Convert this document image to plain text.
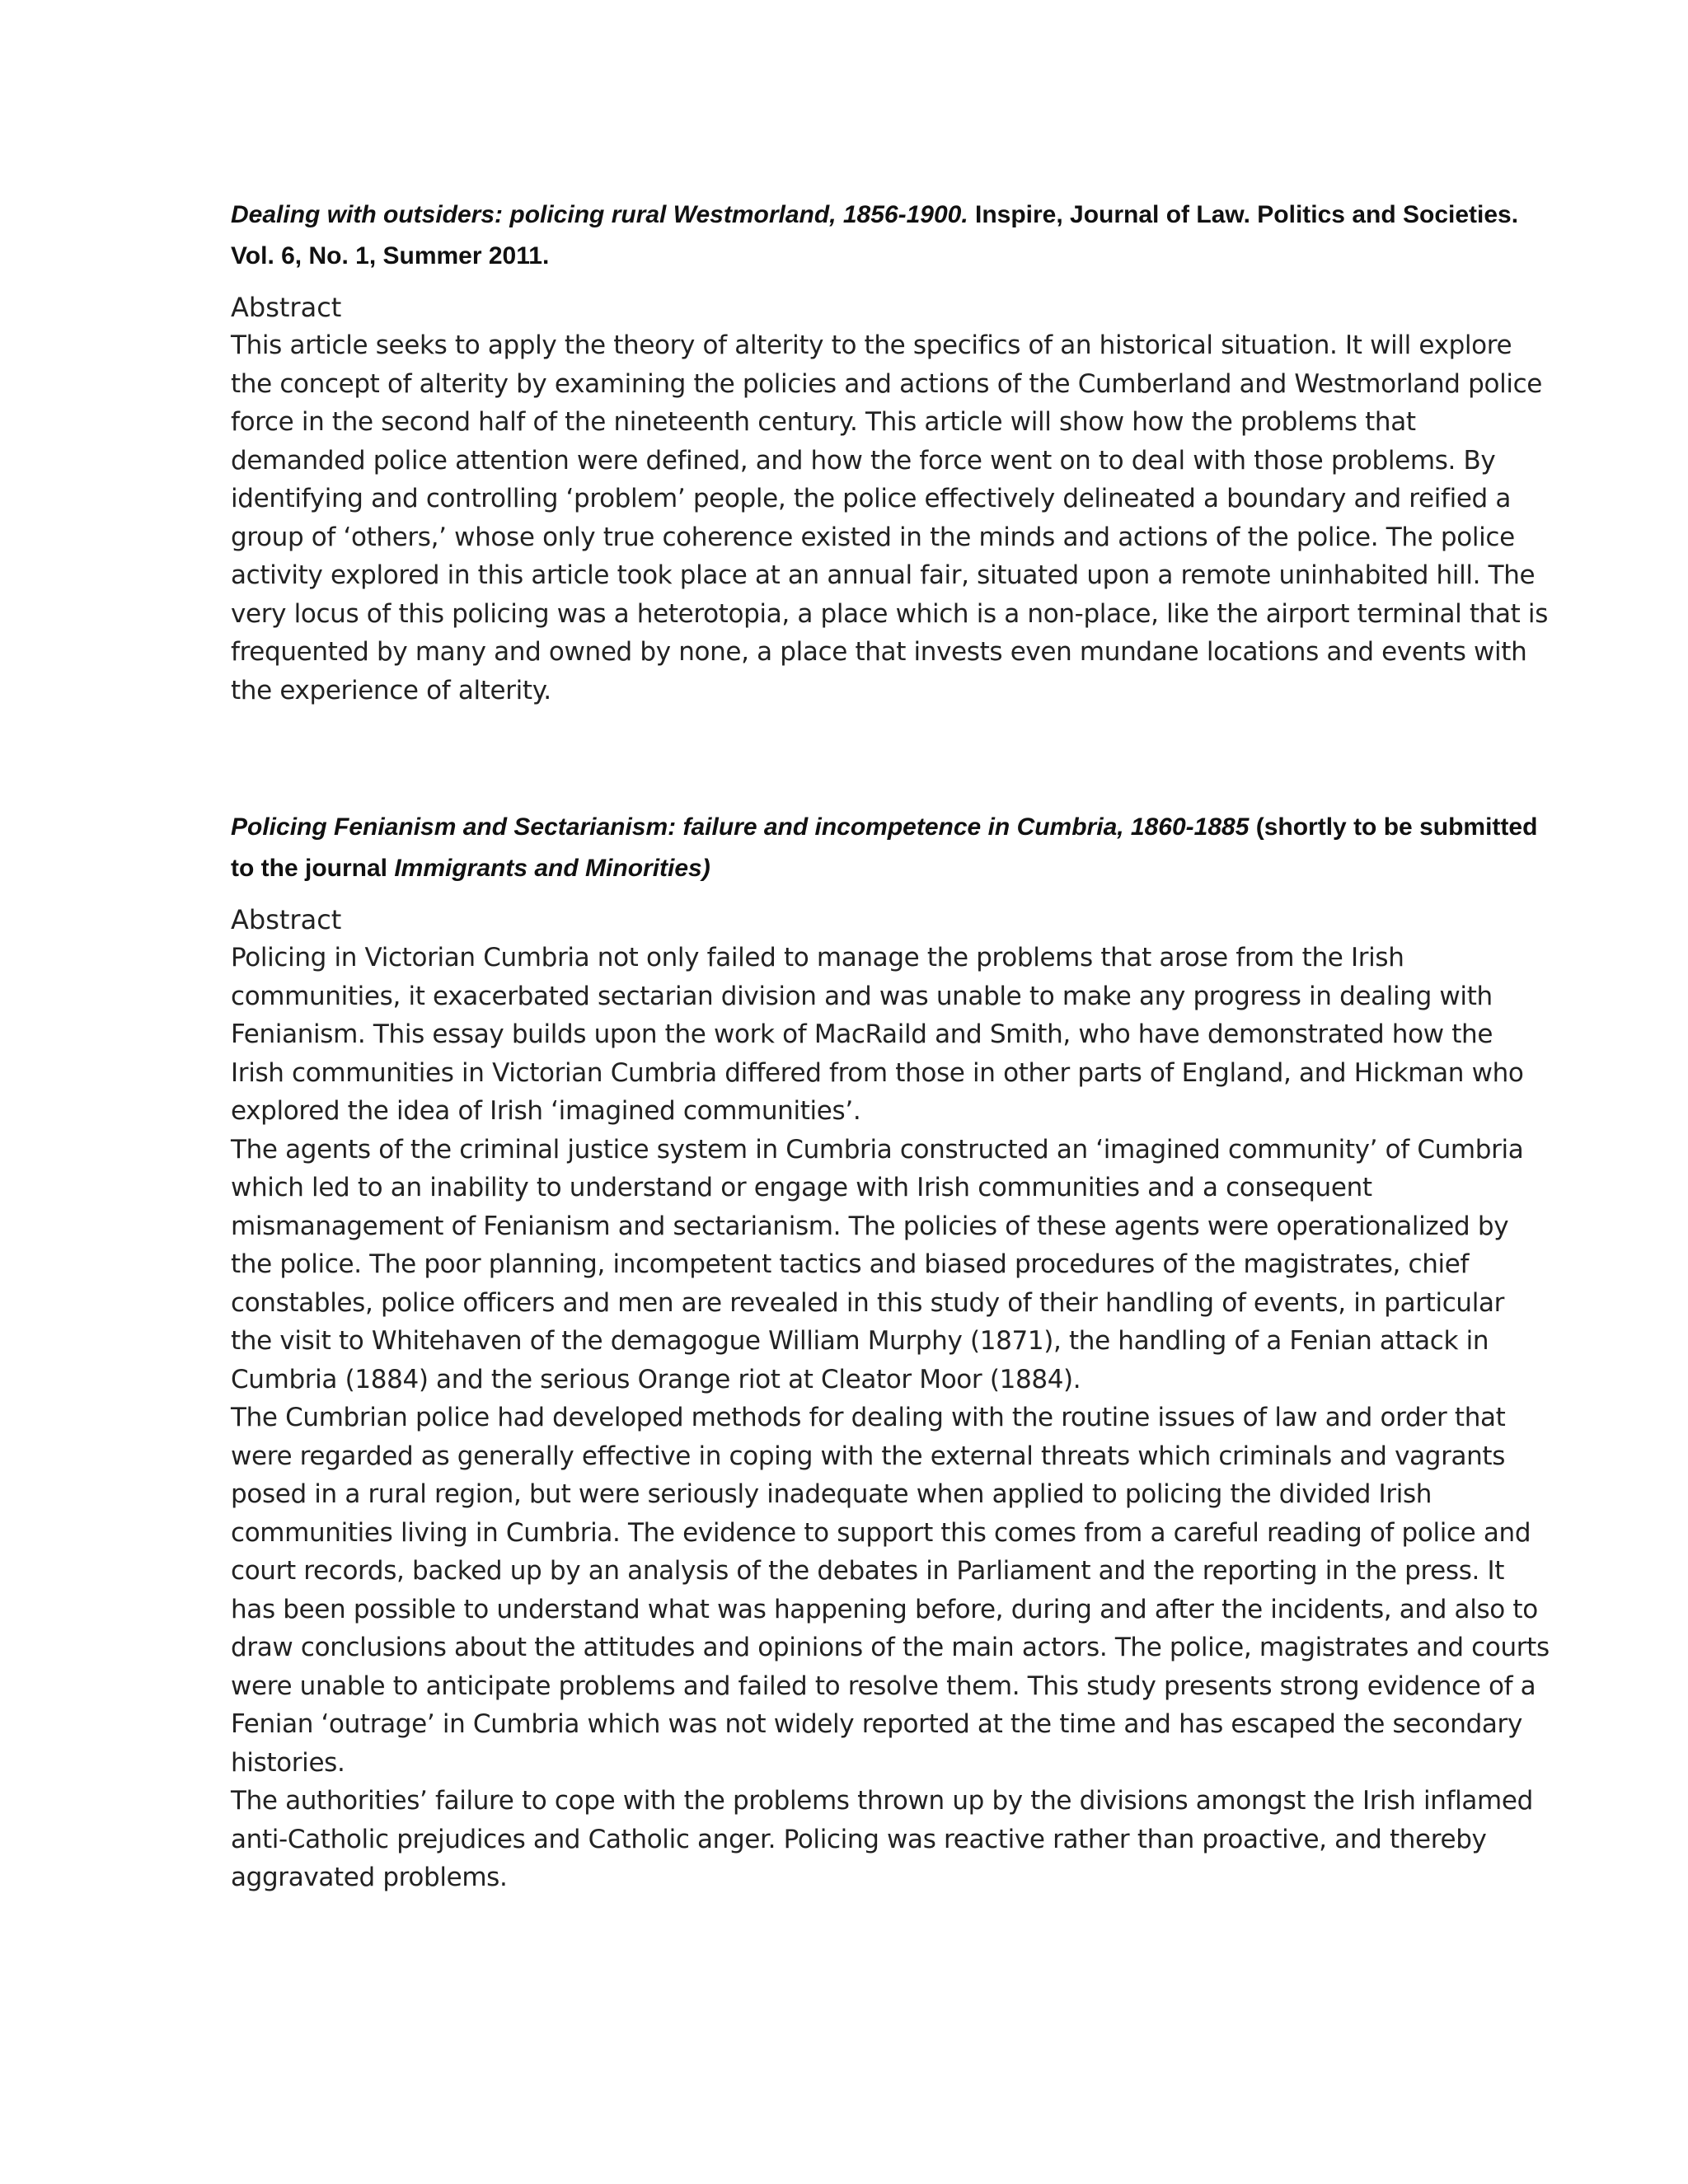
Dealing with outsiders: policing rural Westmorland, 1856-1900. Inspire, Journal of Law. Politics and Societies. Vol. 6, No. 1, Summer 2011.

Abstract

This article seeks to apply the theory of alterity to the specifics of an historical situation. It will explore the concept of alterity by examining the policies and actions of the Cumberland and Westmorland police force in the second half of the nineteenth century. This article will show how the problems that demanded police attention were defined, and how the force went on to deal with those problems. By identifying and controlling ‘problem’ people, the police effectively delineated a boundary and reified a group of ‘others,’ whose only true coherence existed in the minds and actions of the police. The police activity explored in this article took place at an annual fair, situated upon a remote uninhabited hill. The very locus of this policing was a heterotopia, a place which is a non-place, like the airport terminal that is frequented by many and owned by none, a place that invests even mundane locations and events with the experience of alterity.

Policing Fenianism and Sectarianism: failure and incompetence in Cumbria, 1860-1885 (shortly to be submitted to the journal Immigrants and Minorities)

Abstract

Policing in Victorian Cumbria not only failed to manage the problems that arose from the Irish communities, it exacerbated sectarian division and was unable to make any progress in dealing with Fenianism. This essay builds upon the work of MacRaild and Smith, who have demonstrated how the Irish communities in Victorian Cumbria differed from those in other parts of England, and Hickman who explored the idea of Irish ‘imagined communities’.

The agents of the criminal justice system in Cumbria constructed an ‘imagined community’ of Cumbria which led to an inability to understand or engage with Irish communities and a consequent mismanagement of Fenianism and sectarianism. The policies of these agents were operationalized by the police. The poor planning, incompetent tactics and biased procedures of the magistrates, chief constables, police officers and men are revealed in this study of their handling of events, in particular the visit to Whitehaven of the demagogue William Murphy (1871), the handling of a Fenian attack in Cumbria (1884) and the serious Orange riot at Cleator Moor (1884).

The Cumbrian police had developed methods for dealing with the routine issues of law and order that were regarded as generally effective in coping with the external threats which criminals and vagrants posed in a rural region, but were seriously inadequate when applied to policing the divided Irish communities living in Cumbria. The evidence to support this comes from a careful reading of police and court records, backed up by an analysis of the debates in Parliament and the reporting in the press. It has been possible to understand what was happening before, during and after the incidents, and also to draw conclusions about the attitudes and opinions of the main actors. The police, magistrates and courts were unable to anticipate problems and failed to resolve them. This study presents strong evidence of a Fenian ‘outrage’ in Cumbria which was not widely reported at the time and has escaped the secondary histories.

The authorities’ failure to cope with the problems thrown up by the divisions amongst the Irish inflamed anti-Catholic prejudices and Catholic anger. Policing was reactive rather than proactive, and thereby aggravated problems.
